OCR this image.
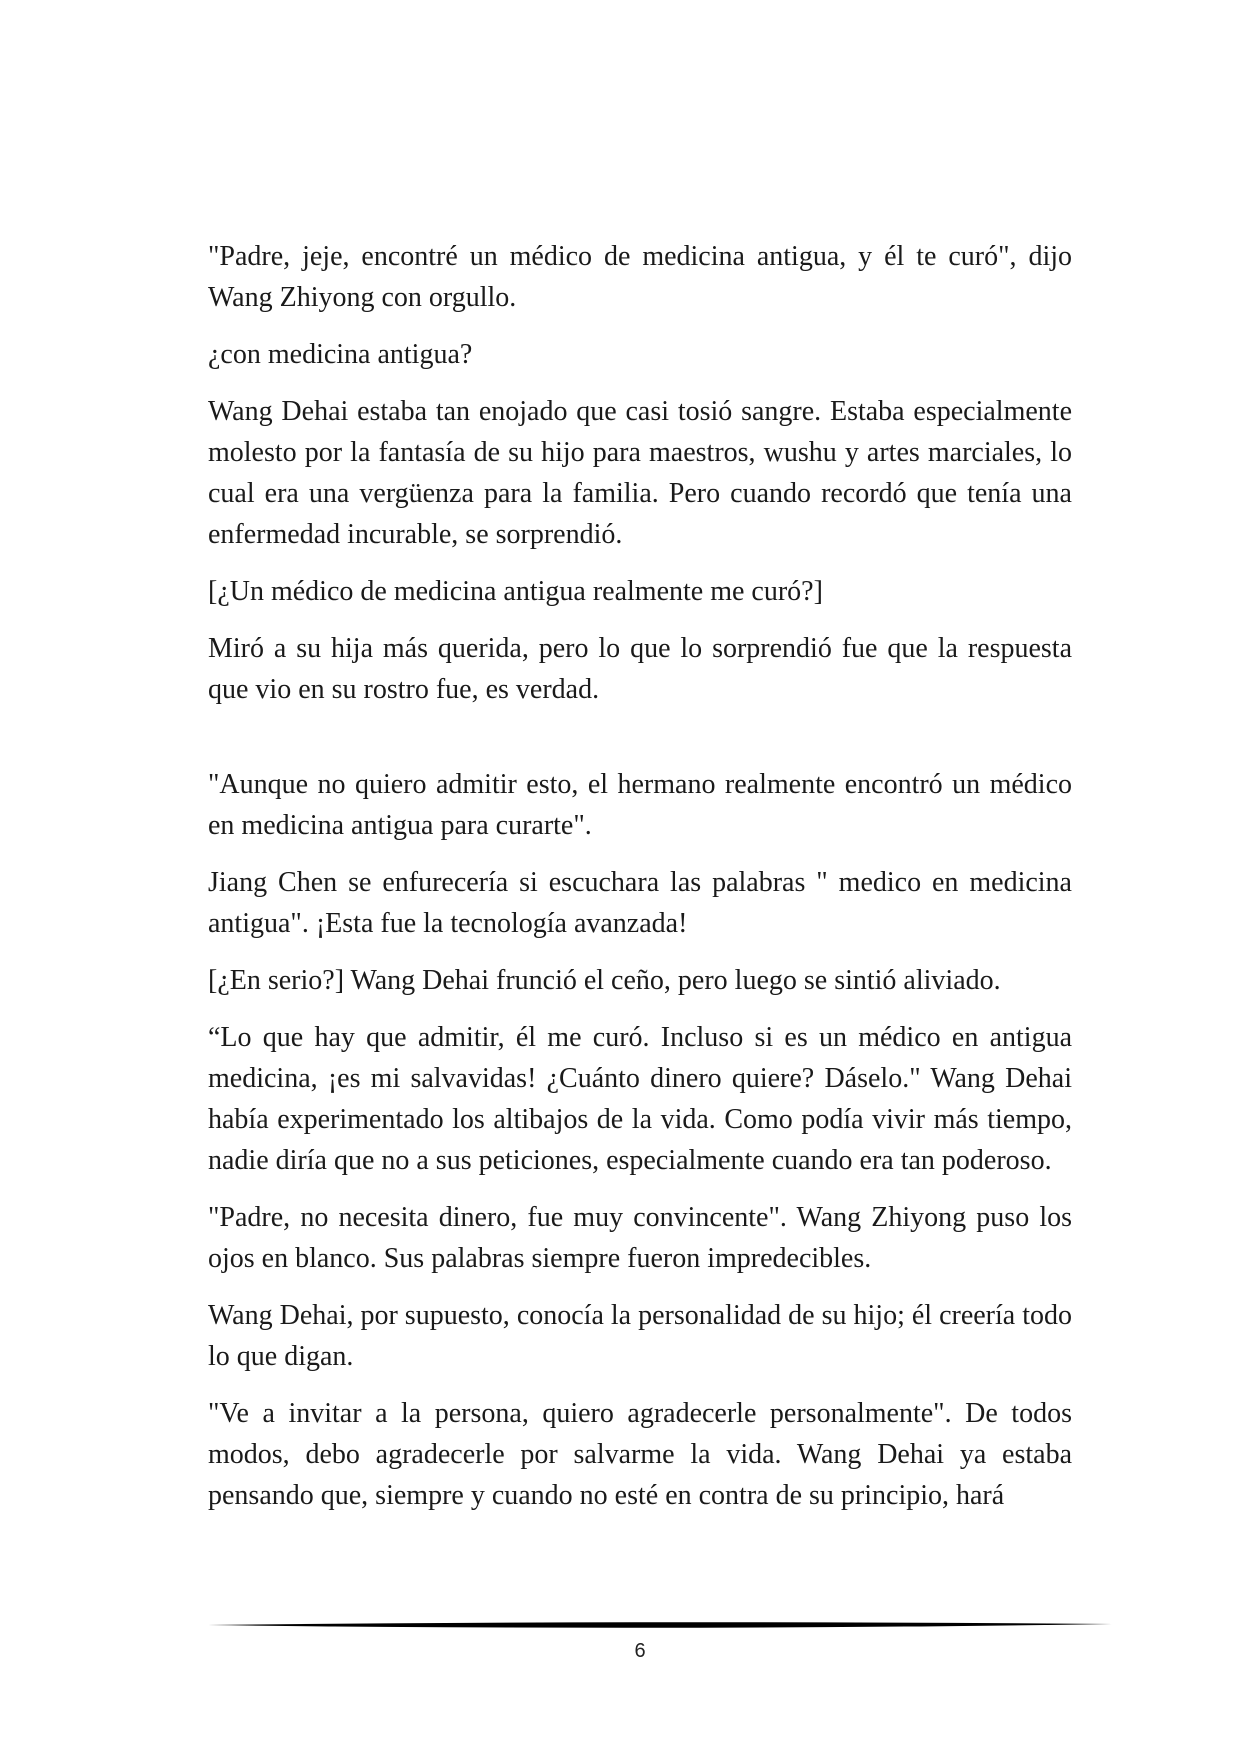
"Padre, jeje, encontré un médico de medicina antigua, y él te curó", dijo Wang Zhiyong con orgullo.

¿con medicina antigua?

Wang Dehai estaba tan enojado que casi tosió sangre. Estaba especialmente molesto por la fantasía de su hijo para maestros, wushu y artes marciales, lo cual era una vergüenza para la familia. Pero cuando recordó que tenía una enfermedad incurable, se sorprendió.

[¿Un médico de medicina antigua realmente me curó?]

Miró a su hija más querida, pero lo que lo sorprendió fue que la respuesta que vio en su rostro fue, es verdad.

"Aunque no quiero admitir esto, el hermano realmente encontró un médico en medicina antigua para curarte".

Jiang Chen se enfurecería si escuchara las palabras " medico en medicina antigua". ¡Esta fue la tecnología avanzada!

[¿En serio?] Wang Dehai frunció el ceño, pero luego se sintió aliviado.

“Lo que hay que admitir, él me curó. Incluso si es un médico en antigua medicina, ¡es mi salvavidas! ¿Cuánto dinero quiere? Dáselo." Wang Dehai había experimentado los altibajos de la vida. Como podía vivir más tiempo, nadie diría que no a sus peticiones, especialmente cuando era tan poderoso.

"Padre, no necesita dinero, fue muy convincente". Wang Zhiyong puso los ojos en blanco. Sus palabras siempre fueron impredecibles.

Wang Dehai, por supuesto, conocía la personalidad de su hijo; él creería todo lo que digan.

"Ve a invitar a la persona, quiero agradecerle personalmente". De todos modos, debo agradecerle por salvarme la vida. Wang Dehai ya estaba pensando que, siempre y cuando no esté en contra de su principio, hará

6
